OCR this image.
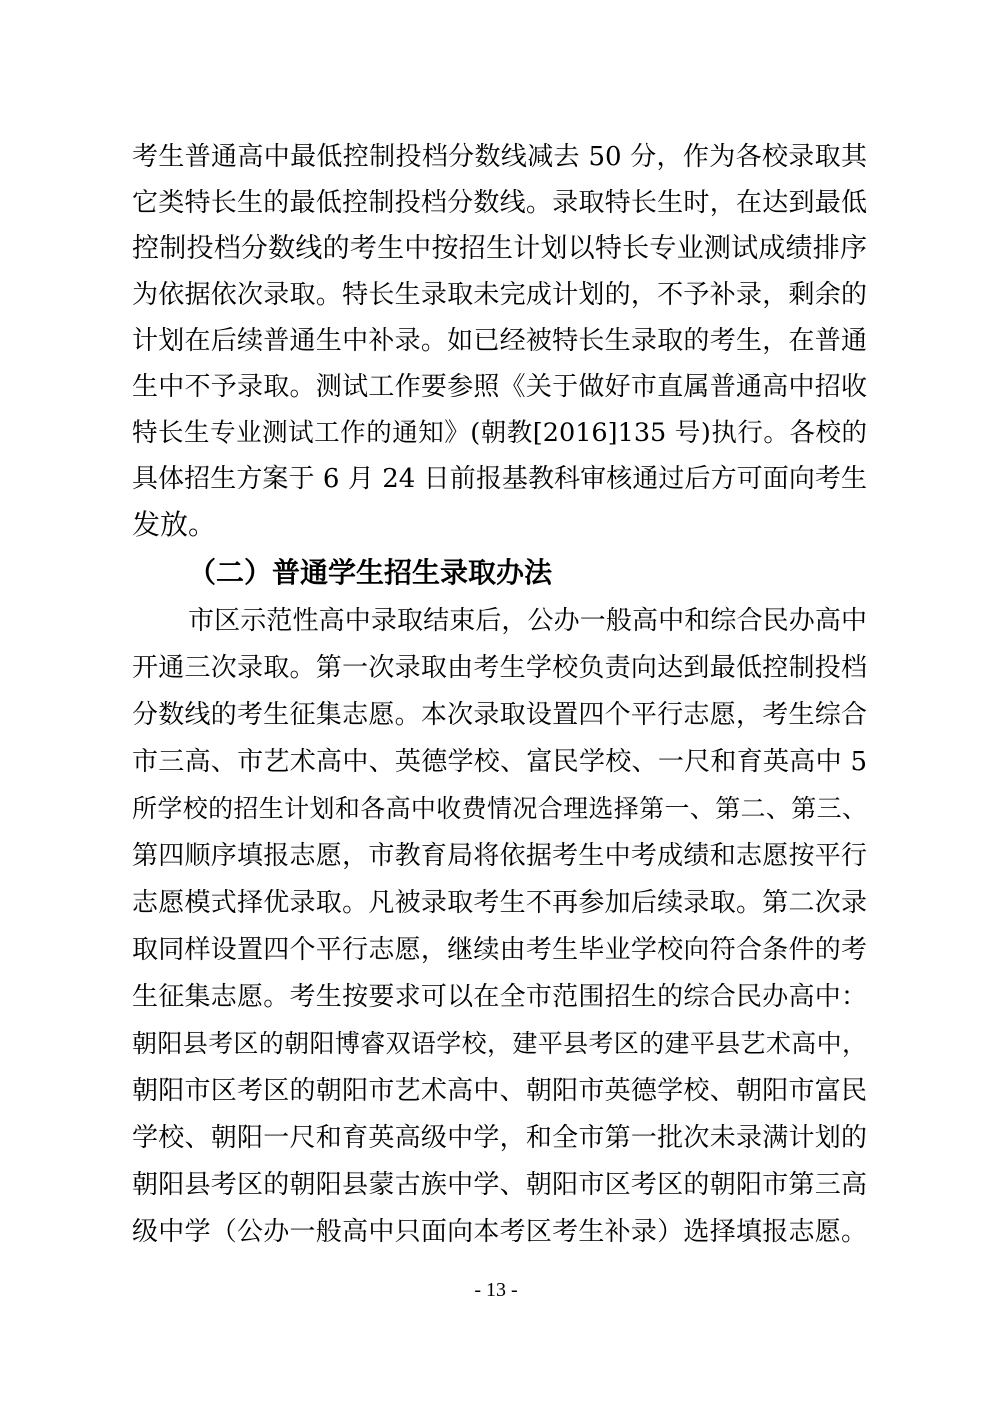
考生普通高中最低控制投档分数线减去 50 分，作为各校录取其
它类特长生的最低控制投档分数线。录取特长生时，在达到最低
控制投档分数线的考生中按招生计划以特长专业测试成绩排序
为依据依次录取。特长生录取未完成计划的，不予补录，剩余的
计划在后续普通生中补录。如已经被特长生录取的考生，在普通
生中不予录取。测试工作要参照《关于做好市直属普通高中招收
特长生专业测试工作的通知》(朝教[2016]135 号)执行。各校的
具体招生方案于 6 月 24 日前报基教科审核通过后方可面向考生
发放。
（二）普通学生招生录取办法
市区示范性高中录取结束后，公办一般高中和综合民办高中
开通三次录取。第一次录取由考生学校负责向达到最低控制投档
分数线的考生征集志愿。本次录取设置四个平行志愿，考生综合
市三高、市艺术高中、英德学校、富民学校、一尺和育英高中 5
所学校的招生计划和各高中收费情况合理选择第一、第二、第三、
第四顺序填报志愿，市教育局将依据考生中考成绩和志愿按平行
志愿模式择优录取。凡被录取考生不再参加后续录取。第二次录
取同样设置四个平行志愿，继续由考生毕业学校向符合条件的考
生征集志愿。考生按要求可以在全市范围招生的综合民办高中：
朝阳县考区的朝阳博睿双语学校，建平县考区的建平县艺术高中，
朝阳市区考区的朝阳市艺术高中、朝阳市英德学校、朝阳市富民
学校、朝阳一尺和育英高级中学，和全市第一批次未录满计划的
朝阳县考区的朝阳县蒙古族中学、朝阳市区考区的朝阳市第三高
级中学（公办一般高中只面向本考区考生补录）选择填报志愿。
- 13 -
